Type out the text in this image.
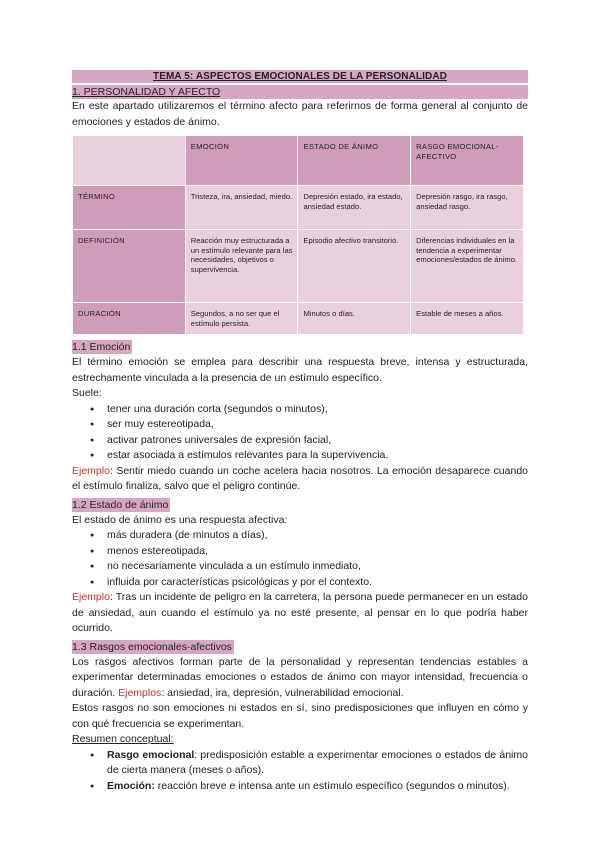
TEMA 5: ASPECTOS EMOCIONALES DE LA PERSONALIDAD
1. PERSONALIDAD Y AFECTO

En este apartado utilizaremos el término afecto para referirnos de forma general al conjunto de emociones y estados de ánimo.

	EMOCIÓN	ESTADO DE ÁNIMO	RASGO EMOCIONAL-AFECTIVO
TÉRMINO	Tristeza, ira, ansiedad, miedo.	Depresión estado, ira estado, ansiedad estado.	Depresión rasgo, ira rasgo, ansiedad rasgo.
DEFINICIÓN	Reacción muy estructurada a un estímulo relevante para las necesidades, objetivos o supervivencia.	Episodio afectivo transitorio.	Diferencias individuales en la tendencia a experimentar emociones/estados de ánimo.
DURACIÓN	Segundos, a no ser que el estímulo persista.	Minutos o días.	Estable de meses a años.
1.1 Emoción

El término emoción se emplea para describir una respuesta breve, intensa y estructurada, estrechamente vinculada a la presencia de un estímulo específico.

Suele:

● tener una duración corta (segundos o minutos),
● ser muy estereotipada,
● activar patrones universales de expresión facial,
● estar asociada a estímulos relevantes para la supervivencia.

Ejemplo: Sentir miedo cuando un coche acelera hacia nosotros. La emoción desaparece cuando el estímulo finaliza, salvo que el peligro continúe.

1.2 Estado de ánimo

El estado de ánimo es una respuesta afectiva:

● más duradera (de minutos a días),
● menos estereotipada,
● no necesariamente vinculada a un estímulo inmediato,
● influida por características psicológicas y por el contexto.

Ejemplo: Tras un incidente de peligro en la carretera, la persona puede permanecer en un estado de ansiedad, aun cuando el estímulo ya no esté presente, al pensar en lo que podría haber ocurrido.

1.3 Rasgos emocionales-afectivos

Los rasgos afectivos forman parte de la personalidad y representan tendencias estables a experimentar determinadas emociones o estados de ánimo con mayor intensidad, frecuencia o duración. Ejemplos: ansiedad, ira, depresión, vulnerabilidad emocional.

Estos rasgos no son emociones ni estados en sí, sino predisposiciones que influyen en cómo y con qué frecuencia se experimentan.

Resumen conceptual:

● Rasgo emocional: predisposición estable a experimentar emociones o estados de ánimo de cierta manera (meses o años).
● Emoción: reacción breve e intensa ante un estímulo específico (segundos o minutos).
